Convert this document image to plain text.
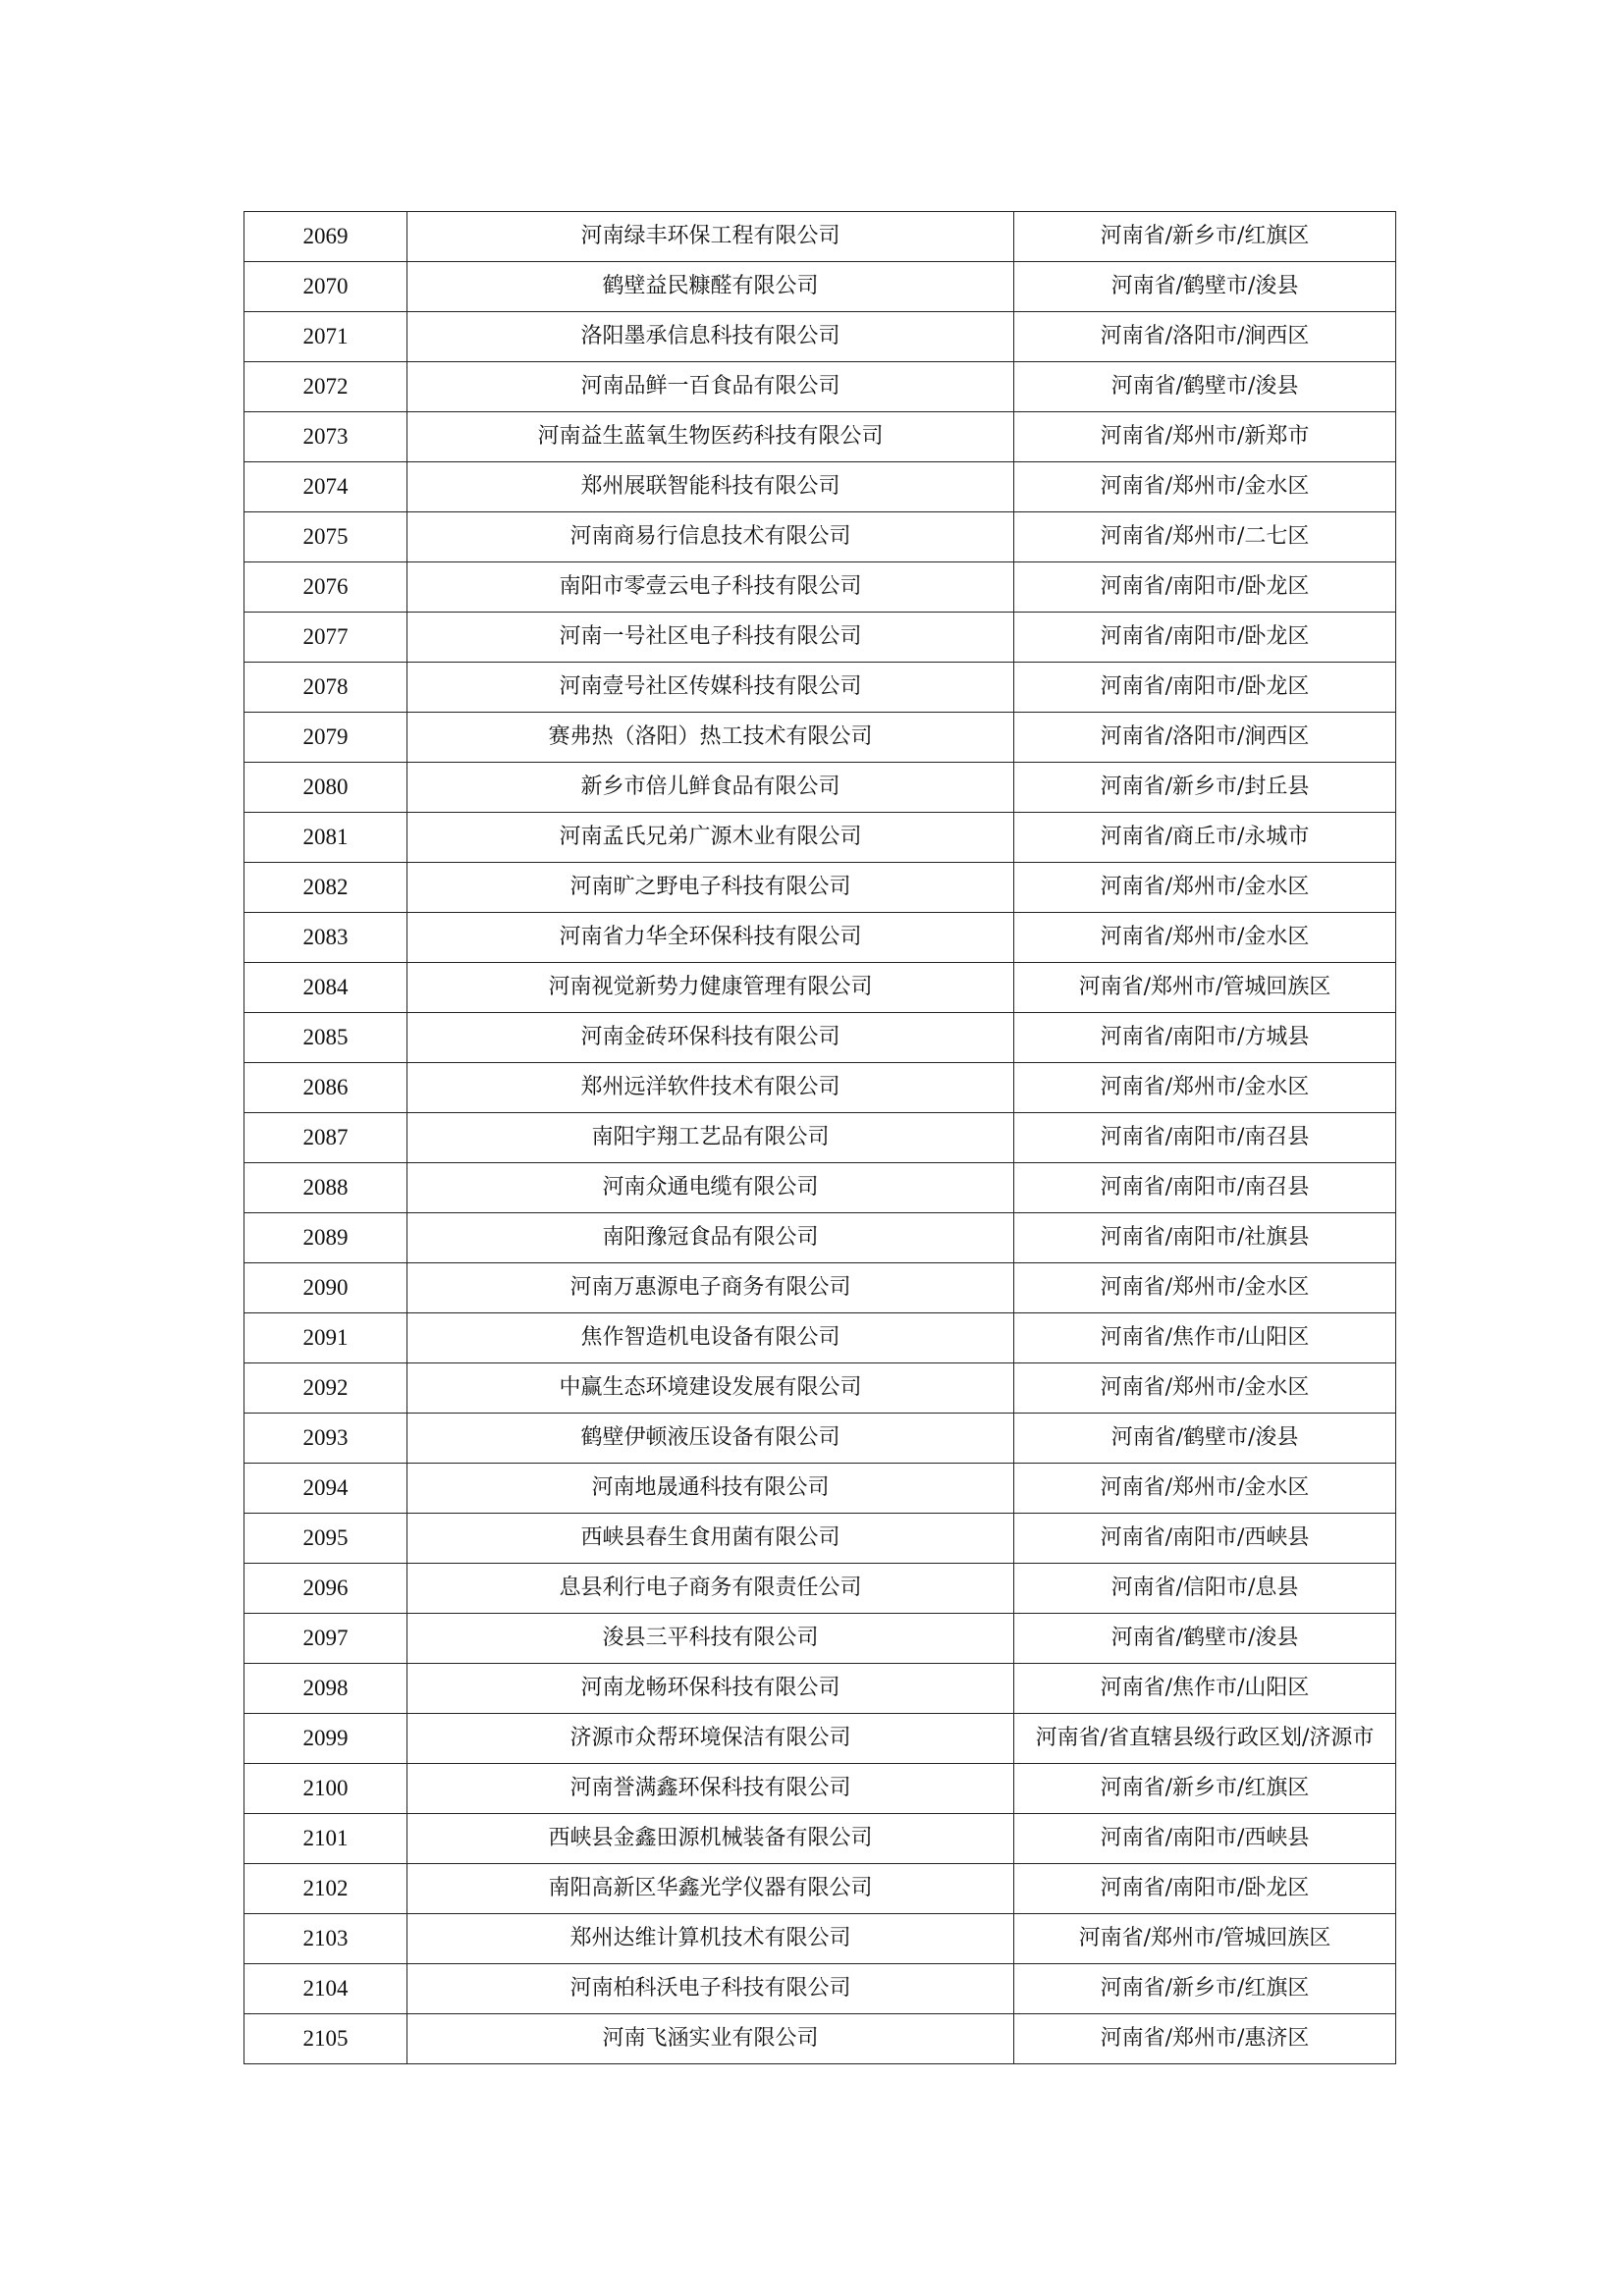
2069	河南绿丰环保工程有限公司	河南省/新乡市/红旗区
2070	鹤壁益民糠醛有限公司	河南省/鹤壁市/浚县
2071	洛阳墨承信息科技有限公司	河南省/洛阳市/涧西区
2072	河南品鲜一百食品有限公司	河南省/鹤壁市/浚县
2073	河南益生蓝氧生物医药科技有限公司	河南省/郑州市/新郑市
2074	郑州展联智能科技有限公司	河南省/郑州市/金水区
2075	河南商易行信息技术有限公司	河南省/郑州市/二七区
2076	南阳市零壹云电子科技有限公司	河南省/南阳市/卧龙区
2077	河南一号社区电子科技有限公司	河南省/南阳市/卧龙区
2078	河南壹号社区传媒科技有限公司	河南省/南阳市/卧龙区
2079	赛弗热（洛阳）热工技术有限公司	河南省/洛阳市/涧西区
2080	新乡市倍儿鲜食品有限公司	河南省/新乡市/封丘县
2081	河南孟氏兄弟广源木业有限公司	河南省/商丘市/永城市
2082	河南旷之野电子科技有限公司	河南省/郑州市/金水区
2083	河南省力华全环保科技有限公司	河南省/郑州市/金水区
2084	河南视觉新势力健康管理有限公司	河南省/郑州市/管城回族区
2085	河南金砖环保科技有限公司	河南省/南阳市/方城县
2086	郑州远洋软件技术有限公司	河南省/郑州市/金水区
2087	南阳宇翔工艺品有限公司	河南省/南阳市/南召县
2088	河南众通电缆有限公司	河南省/南阳市/南召县
2089	南阳豫冠食品有限公司	河南省/南阳市/社旗县
2090	河南万惠源电子商务有限公司	河南省/郑州市/金水区
2091	焦作智造机电设备有限公司	河南省/焦作市/山阳区
2092	中赢生态环境建设发展有限公司	河南省/郑州市/金水区
2093	鹤壁伊顿液压设备有限公司	河南省/鹤壁市/浚县
2094	河南地晟通科技有限公司	河南省/郑州市/金水区
2095	西峡县春生食用菌有限公司	河南省/南阳市/西峡县
2096	息县利行电子商务有限责任公司	河南省/信阳市/息县
2097	浚县三平科技有限公司	河南省/鹤壁市/浚县
2098	河南龙畅环保科技有限公司	河南省/焦作市/山阳区
2099	济源市众帮环境保洁有限公司	河南省/省直辖县级行政区划/济源市
2100	河南誉满鑫环保科技有限公司	河南省/新乡市/红旗区
2101	西峡县金鑫田源机械装备有限公司	河南省/南阳市/西峡县
2102	南阳高新区华鑫光学仪器有限公司	河南省/南阳市/卧龙区
2103	郑州达维计算机技术有限公司	河南省/郑州市/管城回族区
2104	河南柏科沃电子科技有限公司	河南省/新乡市/红旗区
2105	河南飞涵实业有限公司	河南省/郑州市/惠济区
